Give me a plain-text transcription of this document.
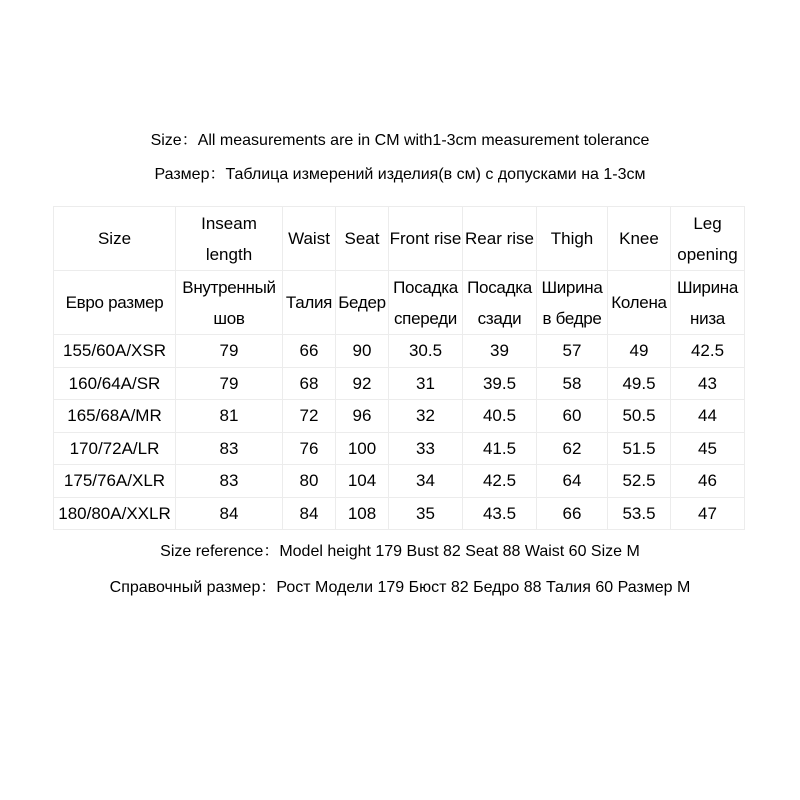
Size：All measurements are in CM with1-3cm measurement tolerance
Размер：Таблица измерений изделия(в см) с допусками на 1-3см
Size	Inseam length	Waist	Seat	Front rise	Rear rise	Thigh	Knee	Leg opening
Евро размер	Внутренный шов	Талия	Бедер	Посадка спереди	Посадка сзади	Ширина в бедре	Колена	Ширина низа
155/60A/XSR	79	66	90	30.5	39	57	49	42.5
160/64A/SR	79	68	92	31	39.5	58	49.5	43
165/68A/MR	81	72	96	32	40.5	60	50.5	44
170/72A/LR	83	76	100	33	41.5	62	51.5	45
175/76A/XLR	83	80	104	34	42.5	64	52.5	46
180/80A/XXLR	84	84	108	35	43.5	66	53.5	47
Size reference：Model height 179 Bust 82 Seat 88 Waist 60 Size M
Справочный размер：Рост Модели 179 Бюст 82 Бедро 88 Талия 60 Размер M
